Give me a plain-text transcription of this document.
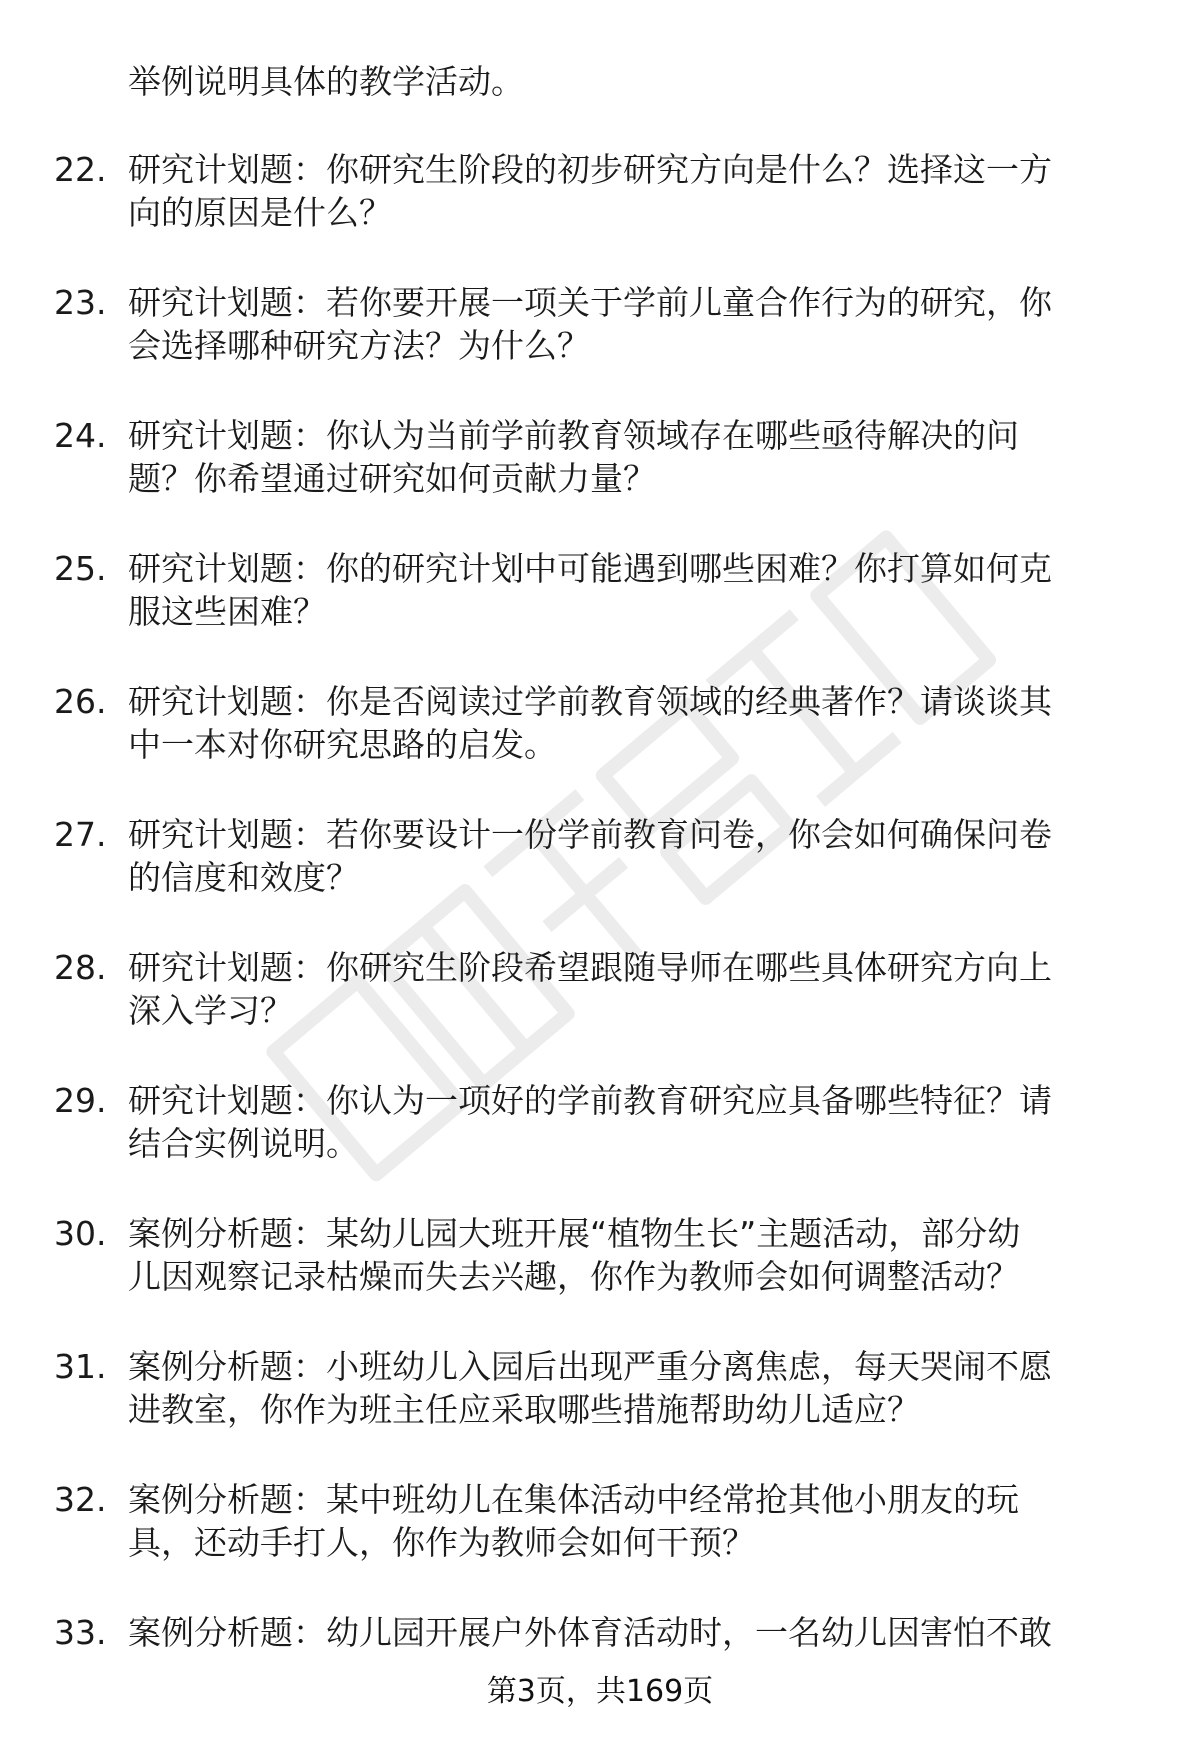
举例说明具体的教学活动。
22. 研究计划题：你研究生阶段的初步研究方向是什么？选择这一方
向的原因是什么？
23. 研究计划题：若你要开展一项关于学前儿童合作行为的研究，你
会选择哪种研究方法？为什么？
24. 研究计划题：你认为当前学前教育领域存在哪些亟待解决的问
题？你希望通过研究如何贡献力量？
25. 研究计划题：你的研究计划中可能遇到哪些困难？你打算如何克
服这些困难？
26. 研究计划题：你是否阅读过学前教育领域的经典著作？请谈谈其
中一本对你研究思路的启发。
27. 研究计划题：若你要设计一份学前教育问卷，你会如何确保问卷
的信度和效度？
28. 研究计划题：你研究生阶段希望跟随导师在哪些具体研究方向上
深入学习？
29. 研究计划题：你认为一项好的学前教育研究应具备哪些特征？请
结合实例说明。
30. 案例分析题：某幼儿园大班开展“植物生长”主题活动，部分幼
儿因观察记录枯燥而失去兴趣，你作为教师会如何调整活动？
31. 案例分析题：小班幼儿入园后出现严重分离焦虑，每天哭闹不愿
进教室，你作为班主任应采取哪些措施帮助幼儿适应？
32. 案例分析题：某中班幼儿在集体活动中经常抢其他小朋友的玩
具，还动手打人，你作为教师会如何干预？
33. 案例分析题：幼儿园开展户外体育活动时，一名幼儿因害怕不敢
第3页，共169页
